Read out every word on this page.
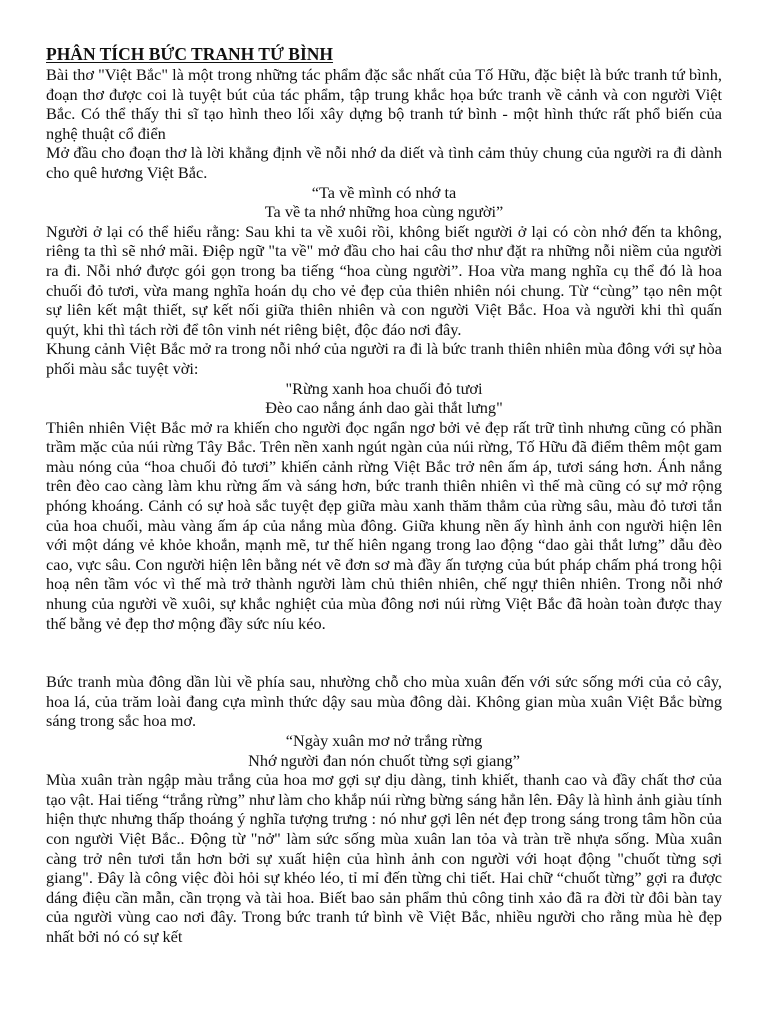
PHÂN TÍCH BỨC TRANH TỨ BÌNH

Bài thơ "Việt Bắc" là một trong những tác phẩm đặc sắc nhất của Tố Hữu, đặc biệt là bức tranh tứ bình, đoạn thơ được coi là tuyệt bút của tác phẩm, tập trung khắc họa bức tranh về cảnh và con người Việt Bắc. Có thể thấy thi sĩ tạo hình theo lối xây dựng bộ tranh tứ bình - một hình thức rất phổ biến của nghệ thuật cổ điển

Mở đầu cho đoạn thơ là lời khẳng định về nỗi nhớ da diết và tình cảm thủy chung của người ra đi dành cho quê hương Việt Bắc.

“Ta về mình có nhớ ta
Ta về ta nhớ những hoa cùng người”

Người ở lại có thể hiểu rằng: Sau khi ta về xuôi rồi, không biết người ở lại có còn nhớ đến ta không, riêng ta thì sẽ nhớ mãi. Điệp ngữ "ta về" mở đầu cho hai câu thơ như đặt ra những nỗi niềm của người ra đi. Nỗi nhớ được gói gọn trong ba tiếng “hoa cùng người”. Hoa vừa mang nghĩa cụ thể đó là hoa chuối đỏ tươi, vừa mang nghĩa hoán dụ cho vẻ đẹp của thiên nhiên nói chung. Từ “cùng” tạo nên một sự liên kết mật thiết, sự kết nối giữa thiên nhiên và con người Việt Bắc. Hoa và người khi thì quấn quýt, khi thì tách rời để tôn vinh nét riêng biệt, độc đáo nơi đây.

Khung cảnh Việt Bắc mở ra trong nỗi nhớ của người ra đi là bức tranh thiên nhiên mùa đông với sự hòa phối màu sắc tuyệt vời:

"Rừng xanh hoa chuối đỏ tươi
Đèo cao nắng ánh dao gài thắt lưng"

Thiên nhiên Việt Bắc mở ra khiến cho người đọc ngẩn ngơ bởi vẻ đẹp rất trữ tình nhưng cũng có phần trầm mặc của núi rừng Tây Bắc. Trên nền xanh ngút ngàn của núi rừng, Tố Hữu đã điểm thêm một gam màu nóng của “hoa chuối đỏ tươi” khiến cảnh rừng Việt Bắc trở nên ấm áp, tươi sáng hơn. Ánh nắng trên đèo cao càng làm khu rừng ấm và sáng hơn, bức tranh thiên nhiên vì thế mà cũng có sự mở rộng phóng khoáng. Cảnh có sự hoà sắc tuyệt đẹp giữa màu xanh thăm thẳm của rừng sâu, màu đỏ tươi tắn của hoa chuối, màu vàng ấm áp của nắng mùa đông. Giữa khung nền ấy hình ảnh con người hiện lên với một dáng vẻ khỏe khoắn, mạnh mẽ, tư thế hiên ngang trong lao động “dao gài thắt lưng” dẫu đèo cao, vực sâu. Con người hiện lên bằng nét vẽ đơn sơ mà đầy ấn tượng của bút pháp chấm phá trong hội hoạ nên tầm vóc vì thế mà trở thành người làm chủ thiên nhiên, chế ngự thiên nhiên. Trong nỗi nhớ nhung của người về xuôi, sự khắc nghiệt của mùa đông nơi núi rừng Việt Bắc đã hoàn toàn được thay thế bằng vẻ đẹp thơ mộng đầy sức níu kéo.

Bức tranh mùa đông dần lùi về phía sau, nhường chỗ cho mùa xuân đến với sức sống mới của cỏ cây, hoa lá, của trăm loài đang cựa mình thức dậy sau mùa đông dài. Không gian mùa xuân Việt Bắc bừng sáng trong sắc hoa mơ.

“Ngày xuân mơ nở trắng rừng
Nhớ người đan nón chuốt từng sợi giang”

Mùa xuân tràn ngập màu trắng của hoa mơ gợi sự dịu dàng, tinh khiết, thanh cao và đầy chất thơ của tạo vật. Hai tiếng “trắng rừng” như làm cho khắp núi rừng bừng sáng hẳn lên. Đây là hình ảnh giàu tính hiện thực nhưng thấp thoáng ý nghĩa tượng trưng : nó như gợi lên nét đẹp trong sáng trong tâm hồn của con người Việt Bắc.. Động từ "nở" làm sức sống mùa xuân lan tỏa và tràn trề nhựa sống. Mùa xuân càng trở nên tươi tắn hơn bởi sự xuất hiện của hình ảnh con người với hoạt động "chuốt từng sợi giang". Đây là công việc đòi hỏi sự khéo léo, tỉ mỉ đến từng chi tiết. Hai chữ “chuốt từng” gợi ra được dáng điệu cần mẫn, cần trọng và tài hoa. Biết bao sản phẩm thủ công tinh xảo đã ra đời từ đôi bàn tay của người vùng cao nơi đây. Trong bức tranh tứ bình về Việt Bắc, nhiều người cho rằng mùa hè đẹp nhất bởi nó có sự kết
